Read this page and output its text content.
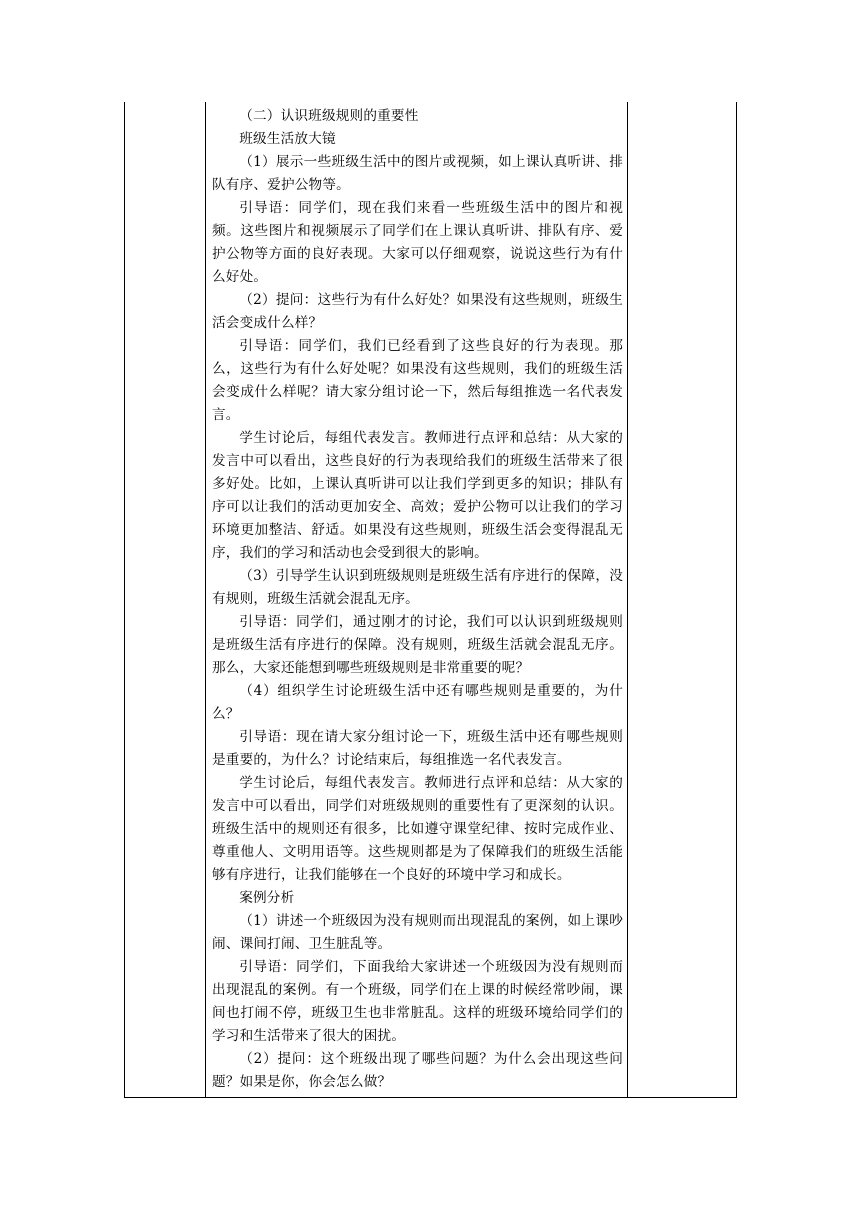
（二）认识班级规则的重要性

班级生活放大镜

（1）展示一些班级生活中的图片或视频，如上课认真听讲、排队有序、爱护公物等。

引导语：同学们，现在我们来看一些班级生活中的图片和视频。这些图片和视频展示了同学们在上课认真听讲、排队有序、爱护公物等方面的良好表现。大家可以仔细观察，说说这些行为有什么好处。

（2）提问：这些行为有什么好处？如果没有这些规则，班级生活会变成什么样？

引导语：同学们，我们已经看到了这些良好的行为表现。那么，这些行为有什么好处呢？如果没有这些规则，我们的班级生活会变成什么样呢？请大家分组讨论一下，然后每组推选一名代表发言。

学生讨论后，每组代表发言。教师进行点评和总结：从大家的发言中可以看出，这些良好的行为表现给我们的班级生活带来了很多好处。比如，上课认真听讲可以让我们学到更多的知识；排队有序可以让我们的活动更加安全、高效；爱护公物可以让我们的学习环境更加整洁、舒适。如果没有这些规则，班级生活会变得混乱无序，我们的学习和活动也会受到很大的影响。

（3）引导学生认识到班级规则是班级生活有序进行的保障，没有规则，班级生活就会混乱无序。

引导语：同学们，通过刚才的讨论，我们可以认识到班级规则是班级生活有序进行的保障。没有规则，班级生活就会混乱无序。那么，大家还能想到哪些班级规则是非常重要的呢？

（4）组织学生讨论班级生活中还有哪些规则是重要的，为什么？

引导语：现在请大家分组讨论一下，班级生活中还有哪些规则是重要的，为什么？讨论结束后，每组推选一名代表发言。

学生讨论后，每组代表发言。教师进行点评和总结：从大家的发言中可以看出，同学们对班级规则的重要性有了更深刻的认识。班级生活中的规则还有很多，比如遵守课堂纪律、按时完成作业、尊重他人、文明用语等。这些规则都是为了保障我们的班级生活能够有序进行，让我们能够在一个良好的环境中学习和成长。

案例分析

（1）讲述一个班级因为没有规则而出现混乱的案例，如上课吵闹、课间打闹、卫生脏乱等。

引导语：同学们，下面我给大家讲述一个班级因为没有规则而出现混乱的案例。有一个班级，同学们在上课的时候经常吵闹，课间也打闹不停，班级卫生也非常脏乱。这样的班级环境给同学们的学习和生活带来了很大的困扰。

（2）提问：这个班级出现了哪些问题？为什么会出现这些问题？如果是你，你会怎么做？
